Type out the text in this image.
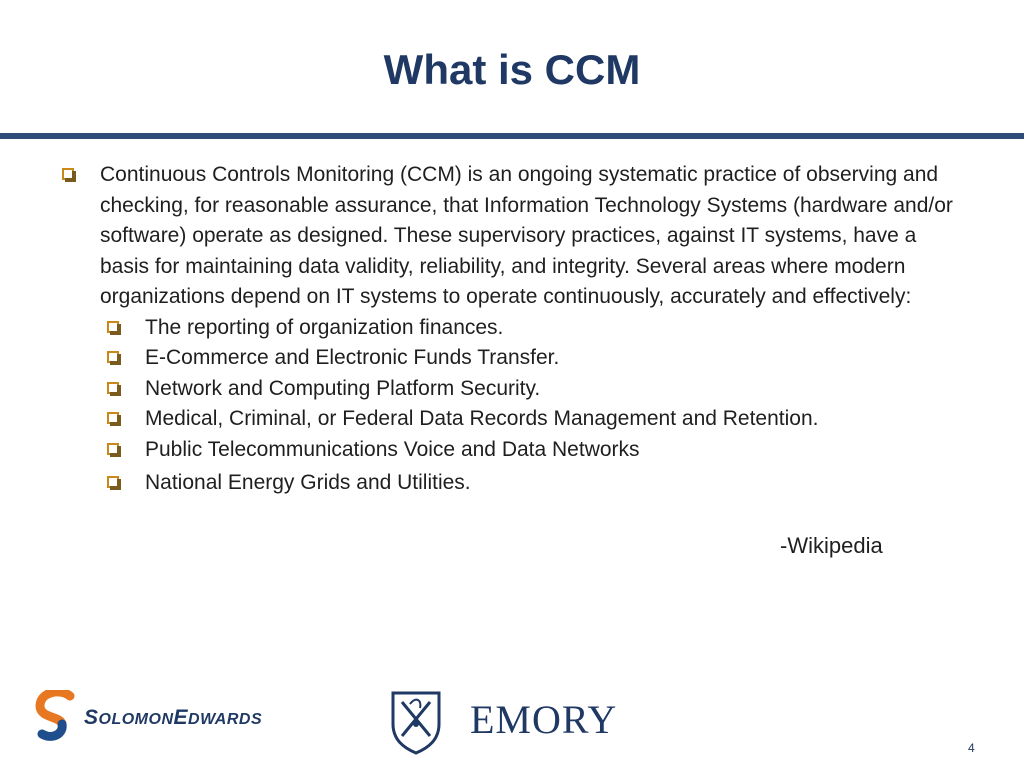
What is CCM
Continuous Controls Monitoring (CCM) is an ongoing systematic practice of observing and checking, for reasonable assurance, that Information Technology Systems (hardware and/or software) operate as designed. These supervisory practices, against IT systems, have a basis for maintaining data validity, reliability, and integrity. Several areas where modern organizations depend on IT systems to operate continuously, accurately and effectively:
The reporting of organization finances.
E-Commerce and Electronic Funds Transfer.
Network and Computing Platform Security.
Medical, Criminal, or Federal Data Records Management and Retention.
Public Telecommunications Voice and Data Networks
National Energy Grids and Utilities.
-Wikipedia
SOLOMONEDWARDS	EMORY
4
